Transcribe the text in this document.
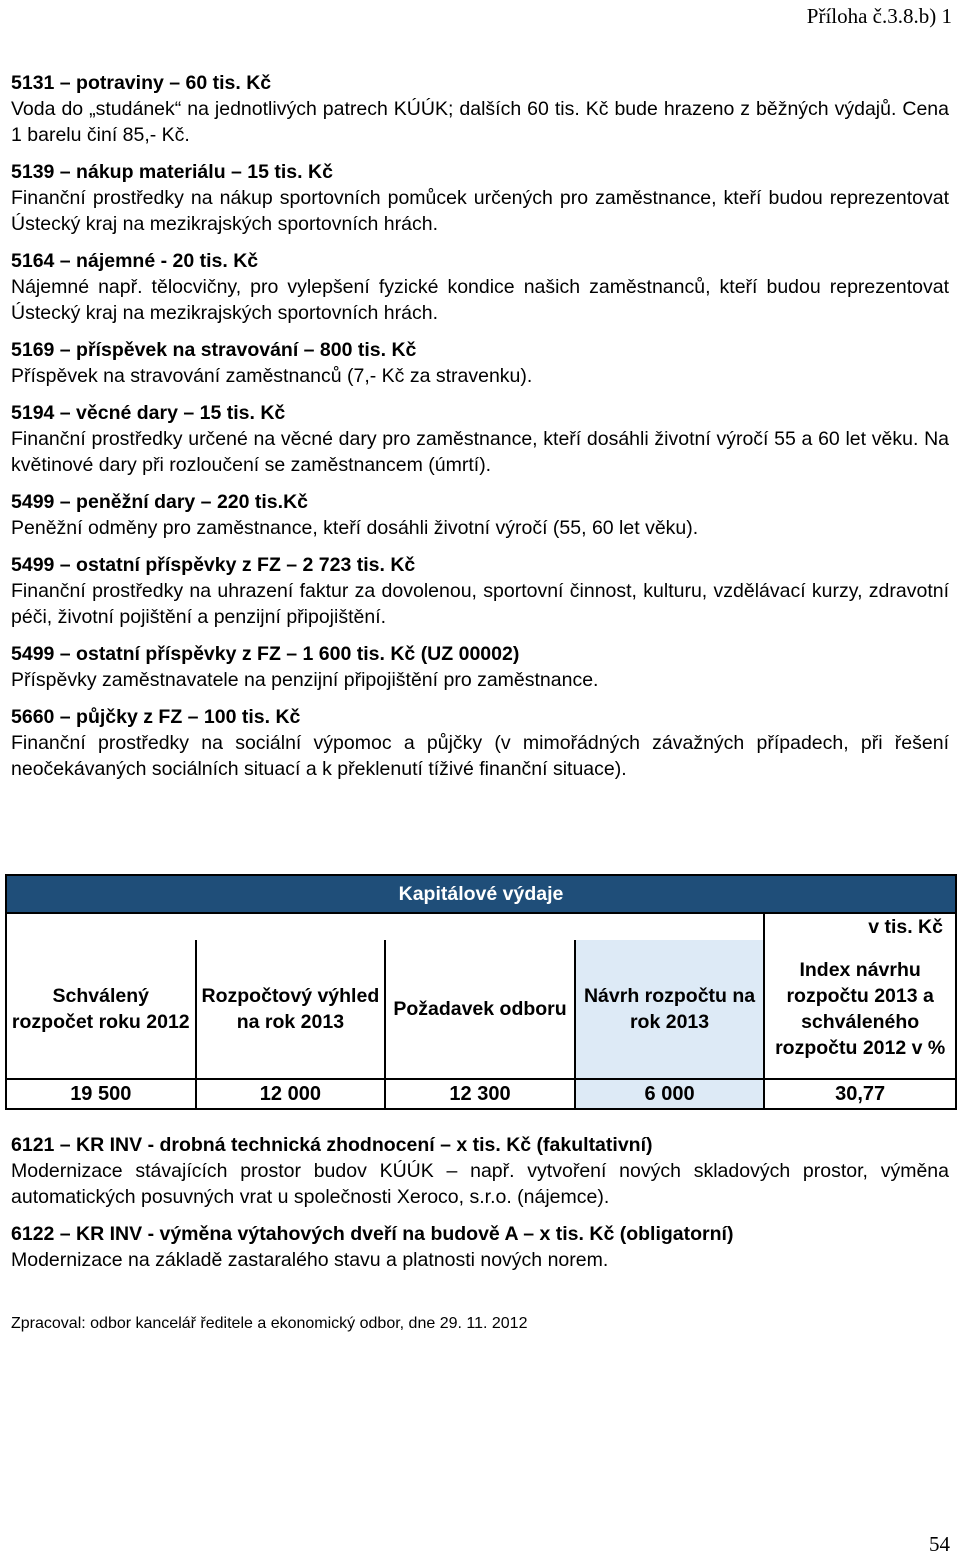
Příloha č.3.8.b) 1
5131 – potraviny – 60 tis. Kč

Voda do „studánek“ na jednotlivých patrech KÚÚK; dalších 60 tis. Kč bude hrazeno z běžných výdajů. Cena 1 barelu činí 85,- Kč.

5139 – nákup materiálu – 15 tis. Kč

Finanční prostředky na nákup sportovních pomůcek určených pro zaměstnance, kteří budou reprezentovat Ústecký kraj na mezikrajských sportovních hrách.

5164 – nájemné - 20 tis. Kč

Nájemné např. tělocvičny, pro vylepšení fyzické kondice našich zaměstnanců, kteří budou reprezentovat Ústecký kraj na mezikrajských sportovních hrách.

5169 – příspěvek na stravování – 800 tis. Kč

Příspěvek na stravování zaměstnanců (7,- Kč za stravenku).

5194 – věcné dary – 15 tis. Kč

Finanční prostředky určené na věcné dary pro zaměstnance, kteří dosáhli životní výročí 55 a 60 let věku. Na květinové dary při rozloučení se zaměstnancem (úmrtí).

5499 – peněžní dary – 220 tis.Kč

Peněžní odměny pro zaměstnance, kteří dosáhli životní výročí (55, 60 let věku).

5499 – ostatní příspěvky z FZ – 2 723 tis. Kč

Finanční prostředky na uhrazení faktur za dovolenou, sportovní činnost, kulturu, vzdělávací kurzy, zdravotní péči, životní pojištění a penzijní připojištění.

5499 – ostatní příspěvky z FZ – 1 600 tis. Kč (UZ 00002)

Příspěvky zaměstnavatele na penzijní připojištění pro zaměstnance.

5660 – půjčky z FZ – 100 tis. Kč

Finanční prostředky na sociální výpomoc a půjčky (v mimořádných závažných případech, při řešení neočekávaných sociálních situací a k překlenutí tíživé finanční situace).

Kapitálové výdaje				
				v tis. Kč
Schválený rozpočet roku 2012	Rozpočtový výhled na rok 2013	Požadavek odboru	Návrh rozpočtu na rok 2013	Index návrhu rozpočtu 2013 a schváleného rozpočtu 2012 v %
19 500	12 000	12 300	6 000	30,77
6121 – KR INV - drobná technická zhodnocení – x tis. Kč (fakultativní)

Modernizace stávajících prostor budov KÚÚK – např. vytvoření nových skladových prostor, výměna automatických posuvných vrat u společnosti Xeroco, s.r.o. (nájemce).

6122 – KR INV - výměna výtahových dveří na budově A – x tis. Kč (obligatorní)

Modernizace na základě zastaralého stavu a platnosti nových norem.

Zpracoval: odbor kancelář ředitele a ekonomický odbor, dne 29. 11. 2012
54
